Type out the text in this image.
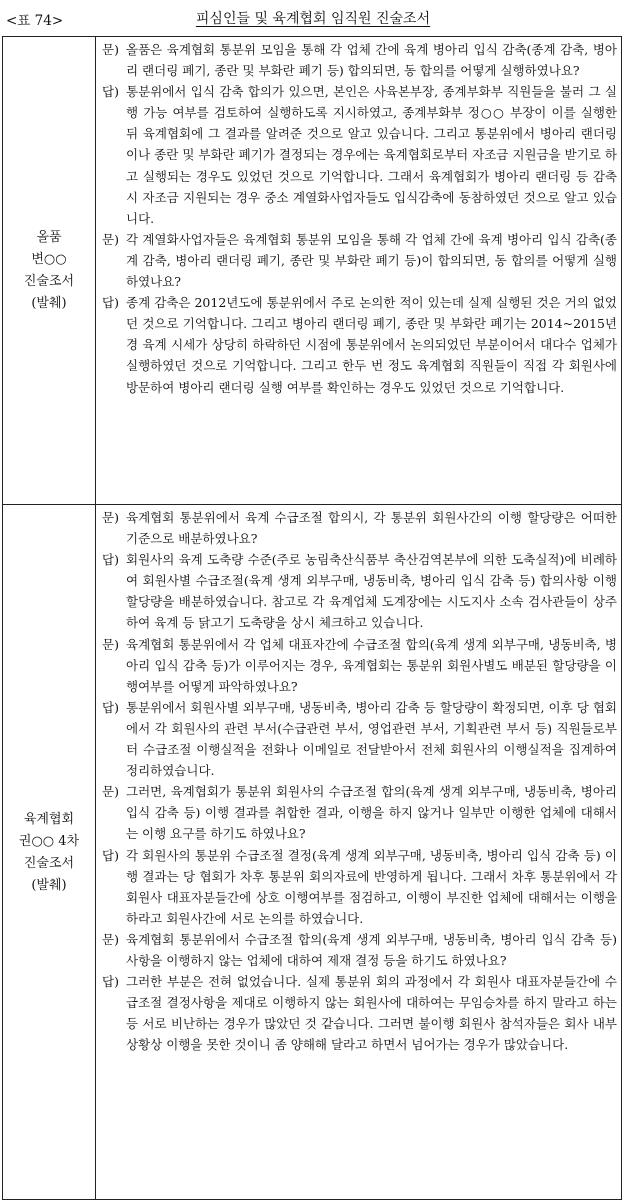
<표 74>	피심인들 및 육계협회 임직원 진술조서
올품
변○○
진술조서
(발췌)
문) 올품은 육계협회 통분위 모임을 통해 각 업체 간에 육계 병아리 입식 감축(종계 감축, 병아리 랜더링 폐기, 종란 및 부화란 폐기 등) 합의되면, 동 합의를 어떻게 실행하였나요?
답) 통분위에서 입식 감축 합의가 있으면, 본인은 사육본부장, 종계부화부 직원들을 불러 그 실행 가능 여부를 검토하여 실행하도록 지시하였고, 종계부화부 정○○ 부장이 이를 실행한 뒤 육계협회에 그 결과를 알려준 것으로 알고 있습니다. 그리고 통분위에서 병아리 랜더링이나 종란 및 부화란 폐기가 결정되는 경우에는 육계협회로부터 자조금 지원금을 받기로 하고 실행되는 경우도 있었던 것으로 기억합니다. 그래서 육계협회가 병아리 랜더링 등 감축시 자조금 지원되는 경우 중소 계열화사업자들도 입식감축에 동참하였던 것으로 알고 있습니다.
문) 각 계열화사업자들은 육계협회 통분위 모임을 통해 각 업체 간에 육계 병아리 입식 감축(종계 감축, 병아리 랜더링 폐기, 종란 및 부화란 폐기 등)이 합의되면, 동 합의를 어떻게 실행하였나요?
답) 종계 감축은 2012년도에 통분위에서 주로 논의한 적이 있는데 실제 실행된 것은 거의 없었던 것으로 기억합니다. 그리고 병아리 랜더링 폐기, 종란 및 부화란 폐기는 2014~2015년경 육계 시세가 상당히 하락하던 시점에 통분위에서 논의되었던 부분이어서 대다수 업체가 실행하였던 것으로 기억합니다. 그리고 한두 번 정도 육계협회 직원들이 직접 각 회원사에 방문하여 병아리 랜더링 실행 여부를 확인하는 경우도 있었던 것으로 기억합니다.
육계협회
권○○ 4차
진술조서
(발췌)
문) 육계협회 통분위에서 육계 수급조절 합의시, 각 통분위 회원사간의 이행 할당량은 어떠한 기준으로 배분하였나요?
답) 회원사의 육계 도축량 수준(주로 농림축산식품부 축산검역본부에 의한 도축실적)에 비례하여 회원사별 수급조절(육계 생계 외부구매, 냉동비축, 병아리 입식 감축 등) 합의사항 이행 할당량을 배분하였습니다. 참고로 각 육계업체 도계장에는 시도지사 소속 검사관들이 상주하여 육계 등 닭고기 도축량을 상시 체크하고 있습니다.
문) 육계협회 통분위에서 각 업체 대표자간에 수급조절 합의(육계 생계 외부구매, 냉동비축, 병아리 입식 감축 등)가 이루어지는 경우, 육계협회는 통분위 회원사별도 배분된 할당량을 이행여부를 어떻게 파악하였나요?
답) 통분위에서 회원사별 외부구매, 냉동비축, 병아리 감축 등 할당량이 확정되면, 이후 당 협회에서 각 회원사의 관련 부서(수급관련 부서, 영업관련 부서, 기획관련 부서 등) 직원들로부터 수급조절 이행실적을 전화나 이메일로 전달받아서 전체 회원사의 이행실적을 집계하여 정리하였습니다.
문) 그러면, 육계협회가 통분위 회원사의 수급조절 합의(육계 생계 외부구매, 냉동비축, 병아리 입식 감축 등) 이행 결과를 취합한 결과, 이행을 하지 않거나 일부만 이행한 업체에 대해서는 이행 요구를 하기도 하였나요?
답) 각 회원사의 통분위 수급조절 결정(육계 생계 외부구매, 냉동비축, 병아리 입식 감축 등) 이행 결과는 당 협회가 차후 통분위 회의자료에 반영하게 됩니다. 그래서 차후 통분위에서 각 회원사 대표자분들간에 상호 이행여부를 점검하고, 이행이 부진한 업체에 대해서는 이행을 하라고 회원사간에 서로 논의를 하였습니다.
문) 육계협회 통분위에서 수급조절 합의(육계 생계 외부구매, 냉동비축, 병아리 입식 감축 등) 사항을 이행하지 않는 업체에 대하여 제재 결정 등을 하기도 하였나요?
답) 그러한 부분은 전혀 없었습니다. 실제 통분위 회의 과정에서 각 회원사 대표자분들간에 수급조절 결정사항을 제대로 이행하지 않는 회원사에 대하여는 무임승차를 하지 말라고 하는 등 서로 비난하는 경우가 많았던 것 같습니다. 그러면 불이행 회원사 참석자들은 회사 내부상황상 이행을 못한 것이니 좀 양해해 달라고 하면서 넘어가는 경우가 많았습니다.
